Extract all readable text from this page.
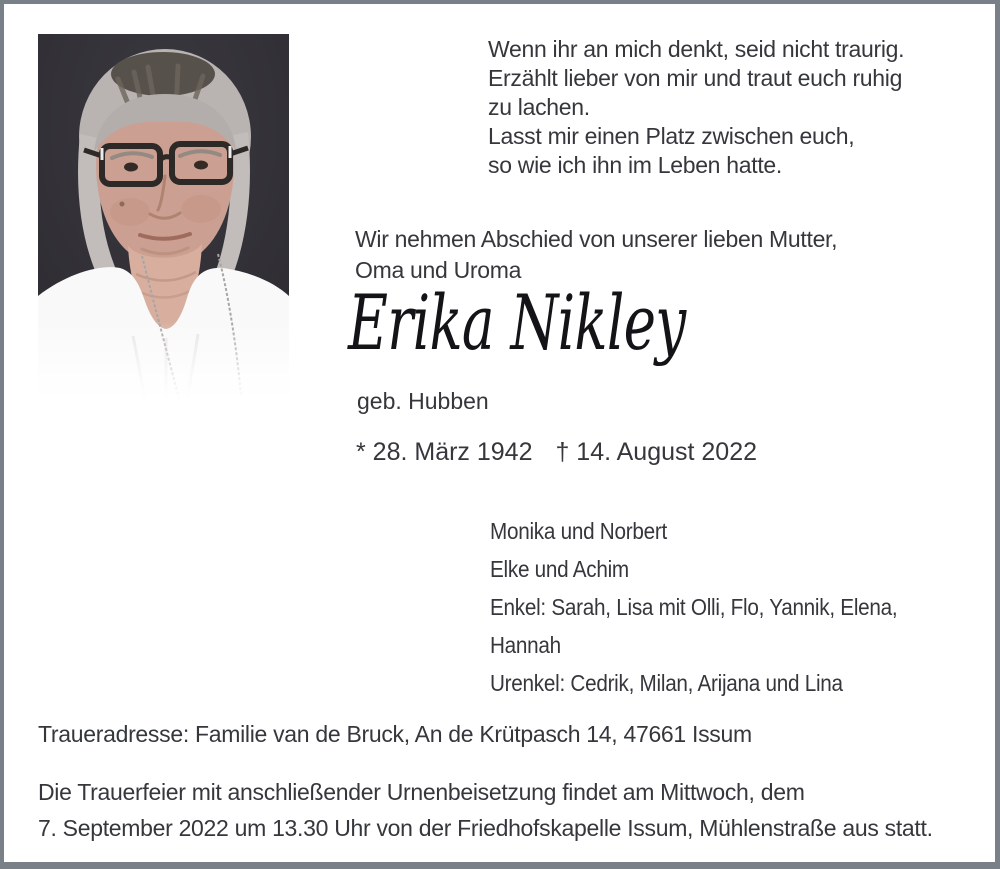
Wenn ihr an mich denkt, seid nicht traurig.
Erzählt lieber von mir und traut euch ruhig
zu lachen.
Lasst mir einen Platz zwischen euch,
so wie ich ihn im Leben hatte.
Wir nehmen Abschied von unserer lieben Mutter,
Oma und Uroma
Erika Nikley
geb. Hubben
* 28. März 1942 † 14. August 2022
Monika und Norbert
Elke und Achim
Enkel: Sarah, Lisa mit Olli, Flo, Yannik, Elena,
Hannah
Urenkel: Cedrik, Milan, Arijana und Lina
Traueradresse: Familie van de Bruck, An de Krütpasch 14, 47661 Issum
Die Trauerfeier mit anschließender Urnenbeisetzung findet am Mittwoch, dem
7. September 2022 um 13.30 Uhr von der Friedhofskapelle Issum, Mühlenstraße aus statt.
